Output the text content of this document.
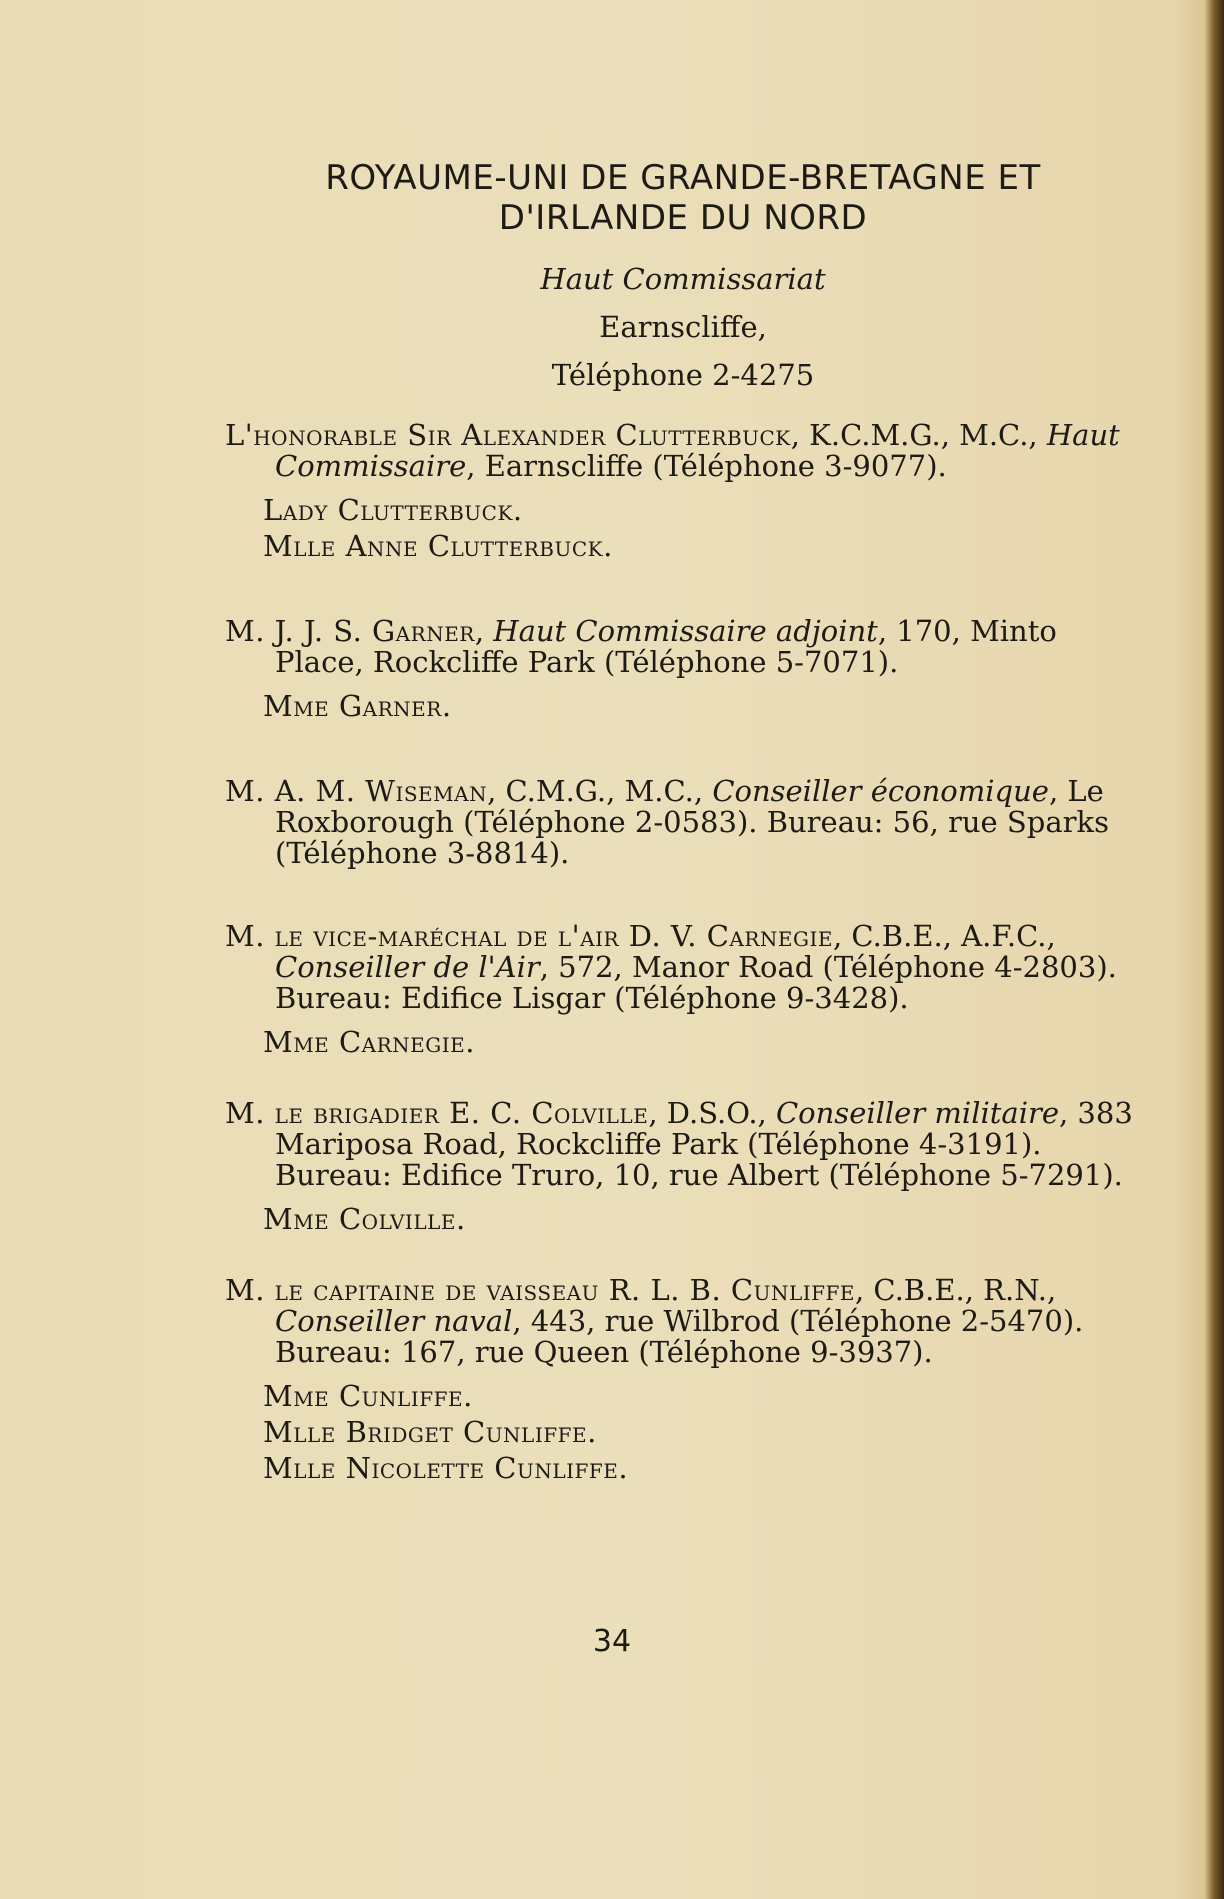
ROYAUME-UNI DE GRANDE-BRETAGNE ET
D'IRLANDE DU NORD

Haut Commissariat

Earnscliffe,

Téléphone 2-4275

L'honorable Sir Alexander Clutterbuck, K.C.M.G., M.C., Haut Commissaire, Earnscliffe (Téléphone 3-9077).

Lady Clutterbuck.

Mlle Anne Clutterbuck.

M. J. J. S. Garner, Haut Commissaire adjoint, 170, Minto Place, Rockcliffe Park (Téléphone 5-7071).

Mme Garner.

M. A. M. Wiseman, C.M.G., M.C., Conseiller économique, Le Roxborough (Téléphone 2-0583). Bureau: 56, rue Sparks (Téléphone 3-8814).

M. le vice-maréchal de l'air D. V. Carnegie, C.B.E., A.F.C., Conseiller de l'Air, 572, Manor Road (Téléphone 4-2803). Bureau: Edifice Lisgar (Téléphone 9-3428).

Mme Carnegie.

M. le brigadier E. C. Colville, D.S.O., Conseiller militaire, 383 Mariposa Road, Rockcliffe Park (Téléphone 4-3191). Bureau: Edifice Truro, 10, rue Albert (Téléphone 5-7291).

Mme Colville.

M. le capitaine de vaisseau R. L. B. Cunliffe, C.B.E., R.N., Conseiller naval, 443, rue Wilbrod (Téléphone 2-5470). Bureau: 167, rue Queen (Téléphone 9-3937).

Mme Cunliffe.

Mlle Bridget Cunliffe.

Mlle Nicolette Cunliffe.

34
